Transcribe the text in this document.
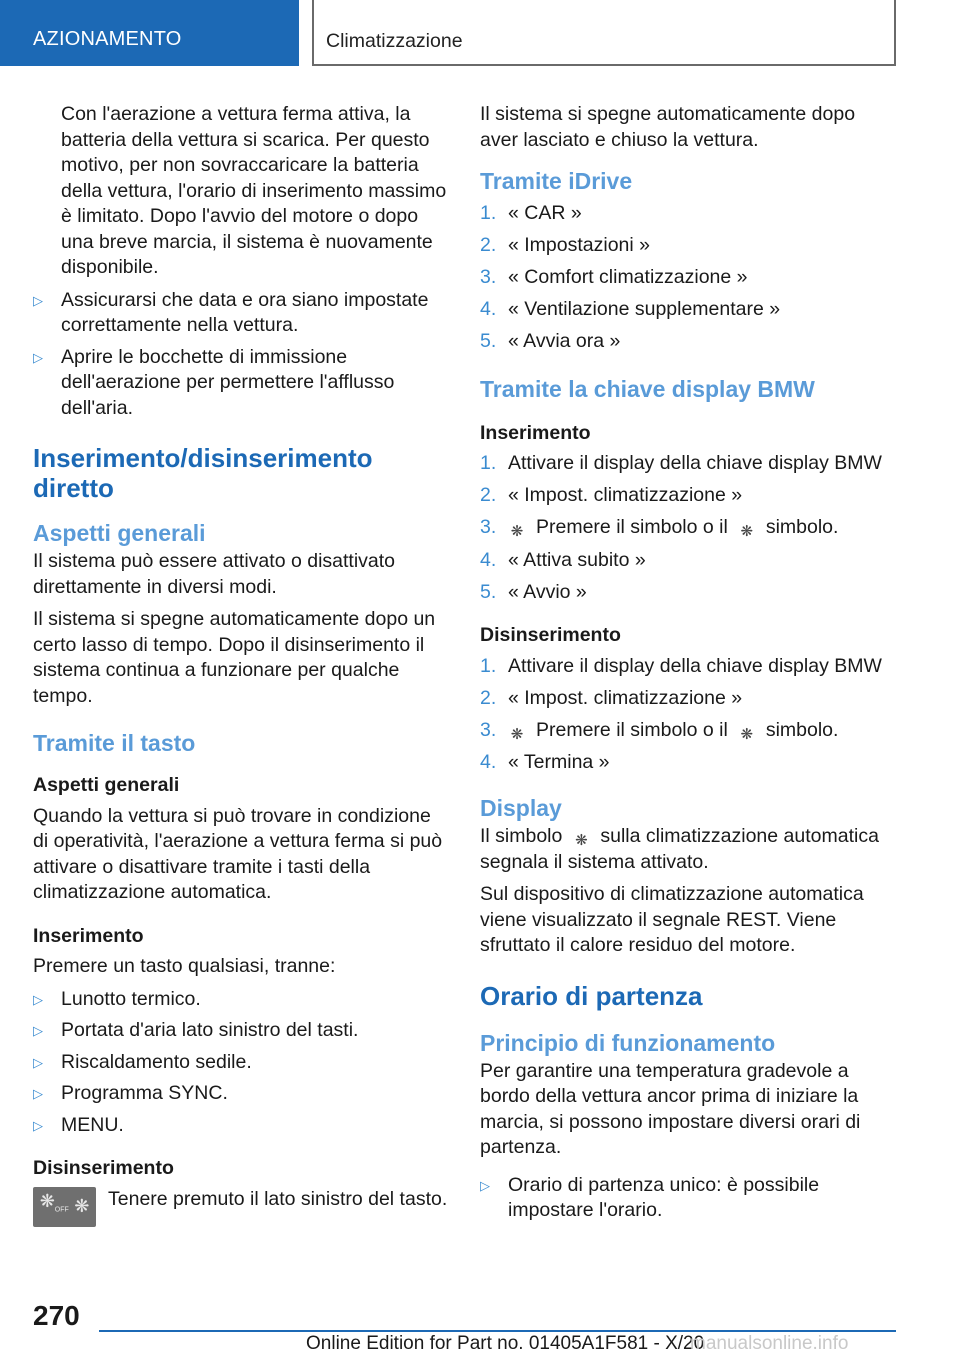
AZIONAMENTO	Climatizzazione

Con l'aerazione a vettura ferma attiva, la batteria della vettura si scarica. Per questo motivo, per non sovraccaricare la batteria della vettura, l'orario di inserimento massimo è limitato. Dopo l'avvio del motore o dopo una breve marcia, il sistema è nuovamente disponibile.

▷ Assicurarsi che data e ora siano impostate correttamente nella vettura.
▷ Aprire le bocchette di immissione dell'aerazione per permettere l'afflusso dell'aria.
Inserimento/disinserimento diretto
Aspetti generali

Il sistema può essere attivato o disattivato direttamente in diversi modi.

Il sistema si spegne automaticamente dopo un certo lasso di tempo. Dopo il disinserimento il sistema continua a funzionare per qualche tempo.

Tramite il tasto
Aspetti generali

Quando la vettura si può trovare in condizione di operatività, l'aerazione a vettura ferma si può attivare o disattivare tramite i tasti della climatizzazione automatica.

Inserimento

Premere un tasto qualsiasi, tranne:

▷ Lunotto termico.
▷ Portata d'aria lato sinistro del tasti.
▷ Riscaldamento sedile.
▷ Programma SYNC.
▷ MENU.
Disinserimento
$❋_{OFF}$ ❋ Tenere premuto il lato sinistro del tasto.

Il sistema si spegne automaticamente dopo aver lasciato e chiuso la vettura.

Tramite iDrive
1. « CAR »
2. « Impostazioni »
3. « Comfort climatizzazione »
4. « Ventilazione supplementare »
5. « Avvia ora »
Tramite la chiave display BMW
Inserimento
1. Attivare il display della chiave display BMW
2. « Impost. climatizzazione »
3. ❋ Premere il simbolo o il ❋ simbolo.
4. « Attiva subito »
5. « Avvio »
Disinserimento
1. Attivare il display della chiave display BMW
2. « Impost. climatizzazione »
3. ❋ Premere il simbolo o il ❋ simbolo.
4. « Termina »
Display

Il simbolo ❋ sulla climatizzazione automatica segnala il sistema attivato.

Sul dispositivo di climatizzazione automatica viene visualizzato il segnale REST. Viene sfruttato il calore residuo del motore.

Orario di partenza
Principio di funzionamento

Per garantire una temperatura gradevole a bordo della vettura ancor prima di iniziare la marcia, si possono impostare diversi orari di partenza.

▷ Orario di partenza unico: è possibile impostare l'orario.
270
Online Edition for Part no. 01405A1F581 - X/20
manualsonline.info
